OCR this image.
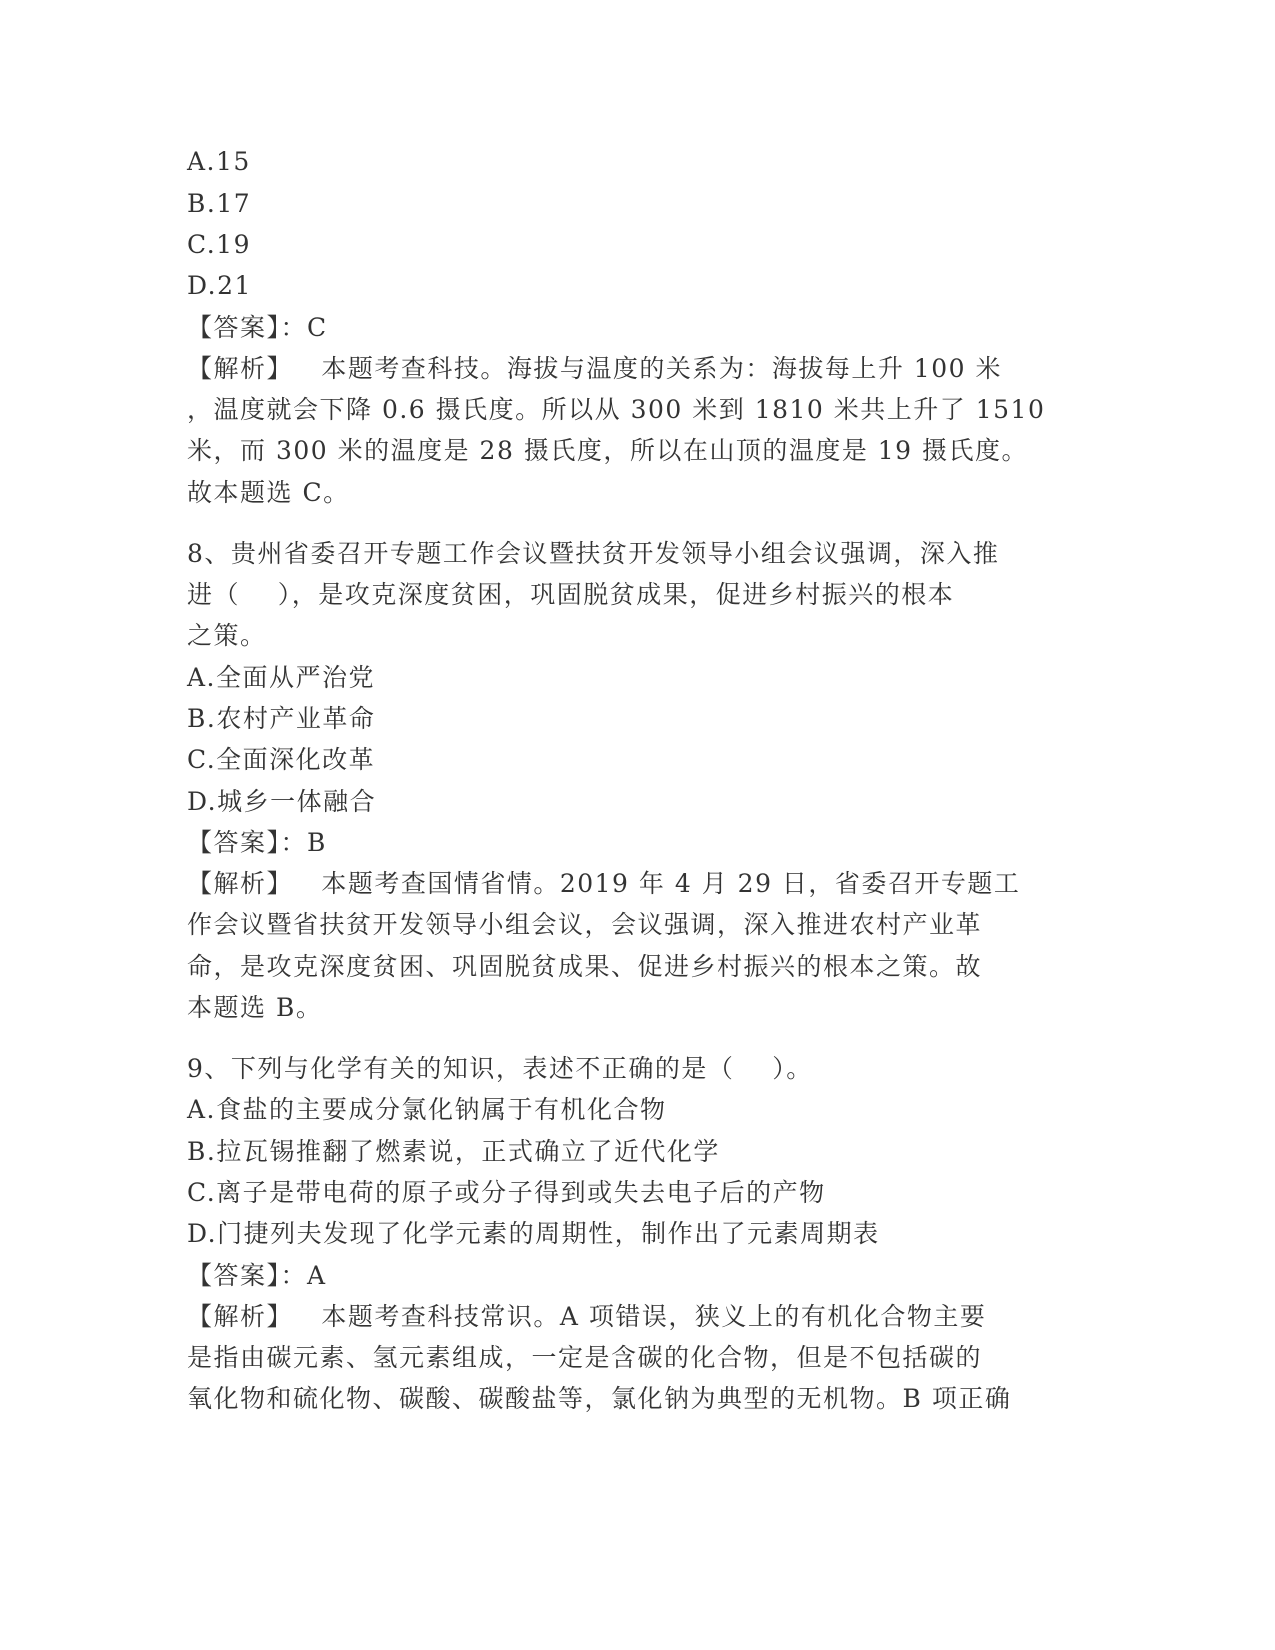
A.15
B.17
C.19
D.21
【答案】：C
【解析】   本题考查科技。海拔与温度的关系为：海拔每上升 100 米
，温度就会下降 0.6 摄氏度。所以从 300 米到 1810 米共上升了 1510
米，而 300 米的温度是 28 摄氏度，所以在山顶的温度是 19 摄氏度。
故本题选 C。
8、贵州省委召开专题工作会议暨扶贫开发领导小组会议强调，深入推
进（    ），是攻克深度贫困，巩固脱贫成果，促进乡村振兴的根本
之策。
A.全面从严治党
B.农村产业革命
C.全面深化改革
D.城乡一体融合
【答案】：B
【解析】   本题考查国情省情。2019 年 4 月 29 日，省委召开专题工
作会议暨省扶贫开发领导小组会议，会议强调，深入推进农村产业革
命，是攻克深度贫困、巩固脱贫成果、促进乡村振兴的根本之策。故
本题选 B。
9、下列与化学有关的知识，表述不正确的是（    ）。
A.食盐的主要成分氯化钠属于有机化合物
B.拉瓦锡推翻了燃素说，正式确立了近代化学
C.离子是带电荷的原子或分子得到或失去电子后的产物
D.门捷列夫发现了化学元素的周期性，制作出了元素周期表
【答案】：A
【解析】   本题考查科技常识。A 项错误，狭义上的有机化合物主要
是指由碳元素、氢元素组成，一定是含碳的化合物，但是不包括碳的
氧化物和硫化物、碳酸、碳酸盐等，氯化钠为典型的无机物。B 项正确
